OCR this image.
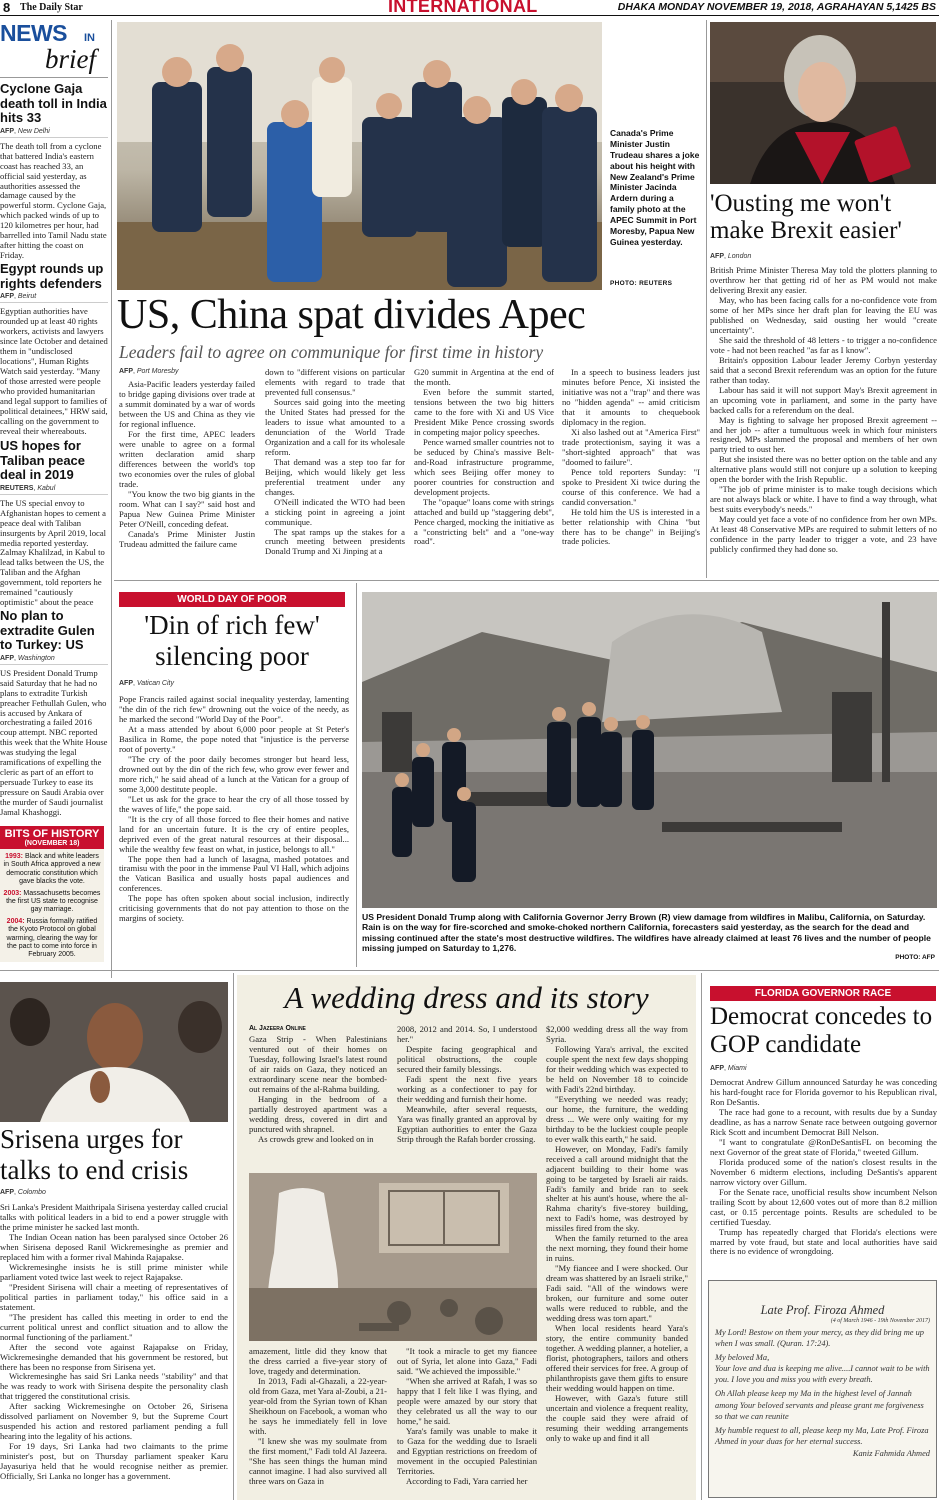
8 The Daily Star	INTERNATIONAL	DHAKA MONDAY NOVEMBER 19, 2018, AGRAHAYAN 5,1425 BS
NEWS IN
brief
Cyclone Gaja death toll in India hits 33
AFP, New Delhi
The death toll from a cyclone that battered India's eastern coast has reached 33, an official said yesterday, as authorities assessed the damage caused by the powerful storm. Cyclone Gaja, which packed winds of up to 120 kilometres per hour, had barrelled into Tamil Nadu state after hitting the coast on Friday.
Egypt rounds up rights defenders
AFP, Beirut
Egyptian authorities have rounded up at least 40 rights workers, activists and lawyers since late October and detained them in "undisclosed locations", Human Rights Watch said yesterday. "Many of those arrested were people who provided humanitarian and legal support to families of political detainees," HRW said, calling on the government to reveal their whereabouts.
US hopes for Taliban peace deal in 2019
REUTERS, Kabul
The US special envoy to Afghanistan hopes to cement a peace deal with Taliban insurgents by April 2019, local media reported yesterday. Zalmay Khalilzad, in Kabul to lead talks between the US, the Taliban and the Afghan government, told reporters he remained "cautiously optimistic" about the peace
No plan to extradite Gulen to Turkey: US
AFP, Washington
US President Donald Trump said Saturday that he had no plans to extradite Turkish preacher Fethullah Gulen, who is accused by Ankara of orchestrating a failed 2016 coup attempt. NBC reported this week that the White House was studying the legal ramifications of expelling the cleric as part of an effort to persuade Turkey to ease its pressure on Saudi Arabia over the murder of Saudi journalist Jamal Khashoggi.
BITS OF HISTORY
(NOVEMBER 18)
1993: Black and white leaders in South Africa approved a new democratic constitution which gave blacks the vote.
2003: Massachusetts becomes the first US state to recognise gay marriage.
2004: Russia formally ratified the Kyoto Protocol on global warming, clearing the way for the pact to come into force in February 2005.
Canada's Prime Minister Justin Trudeau shares a joke about his height with New Zealand's Prime Minister Jacinda Ardern during a family photo at the APEC Summit in Port Moresby, Papua New Guinea yesterday.
PHOTO: REUTERS
US, China spat divides Apec
Leaders fail to agree on communique for first time in history
AFP, Port Moresby

Asia-Pacific leaders yesterday failed to bridge gaping divisions over trade at a summit dominated by a war of words between the US and China as they vie for regional influence.

For the first time, APEC leaders were unable to agree on a formal written declaration amid sharp differences between the world's top two economies over the rules of global trade.

"You know the two big giants in the room. What can I say?" said host and Papua New Guinea Prime Minister Peter O'Neill, conceding defeat.

Canada's Prime Minister Justin Trudeau admitted the failure came

down to "different visions on particular elements with regard to trade that prevented full consensus."

Sources said going into the meeting the United States had pressed for the leaders to issue what amounted to a denunciation of the World Trade Organization and a call for its wholesale reform.

That demand was a step too far for Beijing, which would likely get less preferential treatment under any changes.

O'Neill indicated the WTO had been a sticking point in agreeing a joint communique.

The spat ramps up the stakes for a crunch meeting between presidents Donald Trump and Xi Jinping at a

G20 summit in Argentina at the end of the month.

Even before the summit started, tensions between the two big hitters came to the fore with Xi and US Vice President Mike Pence crossing swords in competing major policy speeches.

Pence warned smaller countries not to be seduced by China's massive Belt-and-Road infrastructure programme, which sees Beijing offer money to poorer countries for construction and development projects.

The "opaque" loans come with strings attached and build up "staggering debt", Pence charged, mocking the initiative as a "constricting belt" and a "one-way road".

In a speech to business leaders just minutes before Pence, Xi insisted the initiative was not a "trap" and there was no "hidden agenda" -- amid criticism that it amounts to chequebook diplomacy in the region.

Xi also lashed out at "America First" trade protectionism, saying it was a "short-sighted approach" that was "doomed to failure".

Pence told reporters Sunday: "I spoke to President Xi twice during the course of this conference. We had a candid conversation."

He told him the US is interested in a better relationship with China "but there has to be change" in Beijing's trade policies.

'Ousting me won't make Brexit easier'
AFP, London

British Prime Minister Theresa May told the plotters planning to overthrow her that getting rid of her as PM would not make delivering Brexit any easier.

May, who has been facing calls for a no-confidence vote from some of her MPs since her draft plan for leaving the EU was published on Wednesday, said ousting her would "create uncertainty".

She said the threshold of 48 letters - to trigger a no-confidence vote - had not been reached "as far as I know".

Britain's opposition Labour leader Jeremy Corbyn yesterday said that a second Brexit referendum was an option for the future rather than today.

Labour has said it will not support May's Brexit agreement in an upcoming vote in parliament, and some in the party have backed calls for a referendum on the deal.

May is fighting to salvage her proposed Brexit agreement -- and her job -- after a tumultuous week in which four ministers resigned, MPs slammed the proposal and members of her own party tried to oust her.

But she insisted there was no better option on the table and any alternative plans would still not conjure up a solution to keeping open the border with the Irish Republic.

"The job of prime minister is to make tough decisions which are not always black or white. I have to find a way through, what best suits everybody's needs."

May could yet face a vote of no confidence from her own MPs. At least 48 Conservative MPs are required to submit letters of no confidence in the party leader to trigger a vote, and 23 have publicly confirmed they had done so.

WORLD DAY OF POOR
'Din of rich few' silencing poor
AFP, Vatican City

Pope Francis railed against social inequality yesterday, lamenting "the din of the rich few" drowning out the voice of the needy, as he marked the second "World Day of the Poor".

At a mass attended by about 6,000 poor people at St Peter's Basilica in Rome, the pope noted that "injustice is the perverse root of poverty."

"The cry of the poor daily becomes stronger but heard less, drowned out by the din of the rich few, who grow ever fewer and more rich," he said ahead of a lunch at the Vatican for a group of some 3,000 destitute people.

"Let us ask for the grace to hear the cry of all those tossed by the waves of life," the pope said.

"It is the cry of all those forced to flee their homes and native land for an uncertain future. It is the cry of entire peoples, deprived even of the great natural resources at their disposal... while the wealthy few feast on what, in justice, belongs to all."

The pope then had a lunch of lasagna, mashed potatoes and tiramisu with the poor in the immense Paul VI Hall, which adjoins the Vatican Basilica and usually hosts papal audiences and conferences.

The pope has often spoken about social inclusion, indirectly criticising governments that do not pay attention to those on the margins of society.	US President Donald Trump along with California Governor Jerry Brown (R) view damage from wildfires in Malibu, California, on Saturday. Rain is on the way for fire-scorched and smoke-choked northern California, forecasters said yesterday, as the search for the dead and missing continued after the state's most destructive wildfires. The wildfires have already claimed at least 76 lives and the number of people missing jumped on Saturday to 1,276.
PHOTO: AFP
Srisena urges for talks to end crisis
AFP, Colombo

Sri Lanka's President Maithripala Sirisena yesterday called crucial talks with political leaders in a bid to end a power struggle with the prime minister he sacked last month.

The Indian Ocean nation has been paralysed since October 26 when Sirisena deposed Ranil Wickremesinghe as premier and replaced him with a former rival Mahinda Rajapakse.

Wickremesinghe insists he is still prime minister while parliament voted twice last week to reject Rajapakse.

"President Sirisena will chair a meeting of representatives of political parties in parliament today," his office said in a statement.

"The president has called this meeting in order to end the current political unrest and conflict situation and to allow the normal functioning of the parliament."

After the second vote against Rajapakse on Friday, Wickremesinghe demanded that his government be restored, but there has been no response from Sirisena yet.

Wickremesinghe has said Sri Lanka needs "stability" and that he was ready to work with Sirisena despite the personality clash that triggered the constitutional crisis.

After sacking Wickremesinghe on October 26, Sirisena dissolved parliament on November 9, but the Supreme Court suspended his action and restored parliament pending a full hearing into the legality of his actions.

For 19 days, Sri Lanka had two claimants to the prime minister's post, but on Thursday parliament speaker Karu Jayasuriya held that he would recognise neither as premier. Officially, Sri Lanka no longer has a government.

A wedding dress and its story
Al Jazeera Online

Gaza Strip - When Palestinians ventured out of their homes on Tuesday, following Israel's latest round of air raids on Gaza, they noticed an extraordinary scene near the bombed-out remains of the al-Rahma building.

Hanging in the bedroom of a partially destroyed apartment was a wedding dress, covered in dirt and punctured with shrapnel.

As crowds grew and looked on in

2008, 2012 and 2014. So, I understood her."

Despite facing geographical and political obstructions, the couple secured their family blessings.

Fadi spent the next five years working as a confectioner to pay for their wedding and furnish their home.

Meanwhile, after several requests, Yara was finally granted an approval by Egyptian authorities to enter the Gaza Strip through the Rafah border crossing.

amazement, little did they know that the dress carried a five-year story of love, tragedy and determination.

In 2013, Fadi al-Ghazali, a 22-year-old from Gaza, met Yara al-Zoubi, a 21-year-old from the Syrian town of Khan Sheikhoun on Facebook, a woman who he says he immediately fell in love with.

"I knew she was my soulmate from the first moment," Fadi told Al Jazeera. "She has seen things the human mind cannot imagine. I had also survived all three wars on Gaza in

"It took a miracle to get my fiancee out of Syria, let alone into Gaza," Fadi said. "We achieved the impossible."

"When she arrived at Rafah, I was so happy that I felt like I was flying, and people were amazed by our story that they celebrated us all the way to our home," he said.

Yara's family was unable to make it to Gaza for the wedding due to Israeli and Egyptian restrictions on freedom of movement in the occupied Palestinian Territories.

According to Fadi, Yara carried her

$2,000 wedding dress all the way from Syria.

Following Yara's arrival, the excited couple spent the next few days shopping for their wedding which was expected to be held on November 18 to coincide with Fadi's 22nd birthday.

"Everything we needed was ready; our home, the furniture, the wedding dress ... We were only waiting for my birthday to be the luckiest couple people to ever walk this earth," he said.

However, on Monday, Fadi's family received a call around midnight that the adjacent building to their home was going to be targeted by Israeli air raids. Fadi's family and bride ran to seek shelter at his aunt's house, where the al-Rahma charity's five-storey building, next to Fadi's home, was destroyed by missiles fired from the sky.

When the family returned to the area the next morning, they found their home in ruins.

"My fiancee and I were shocked. Our dream was shattered by an Israeli strike," Fadi said. "All of the windows were broken, our furniture and some outer walls were reduced to rubble, and the wedding dress was torn apart."

When local residents heard Yara's story, the entire community banded together. A wedding planner, a hotelier, a florist, photographers, tailors and others offered their services for free. A group of philanthropists gave them gifts to ensure their wedding would happen on time.

However, with Gaza's future still uncertain and violence a frequent reality, the couple said they were afraid of resuming their wedding arrangements only to wake up and find it all

FLORIDA GOVERNOR RACE
Democrat concedes to GOP candidate
AFP, Miami

Democrat Andrew Gillum announced Saturday he was conceding his hard-fought race for Florida governor to his Republican rival, Ron DeSantis.

The race had gone to a recount, with results due by a Sunday deadline, as has a narrow Senate race between outgoing governor Rick Scott and incumbent Democrat Bill Nelson.

"I want to congratulate @RonDeSantisFL on becoming the next Governor of the great state of Florida," tweeted Gillum.

Florida produced some of the nation's closest results in the November 6 midterm elections, including DeSantis's apparent narrow victory over Gillum.

For the Senate race, unofficial results show incumbent Nelson trailing Scott by about 12,600 votes out of more than 8.2 million cast, or 0.15 percentage points. Results are scheduled to be certified Tuesday.

Trump has repeatedly charged that Florida's elections were marred by vote fraud, but state and local authorities have said there is no evidence of wrongdoing.

Late Prof. Firoza Ahmed
(4 of March 1946 - 19th November 2017)
My Lord! Bestow on them your mercy, as they did bring me up when I was small. (Quran. 17:24).
My beloved Ma,
Your love and dua is keeping me alive....I cannot wait to be with you. I love you and miss you with every breath.
Oh Allah please keep my Ma in the highest level of Jannah among Your beloved servants and please grant me forgiveness so that we can reunite
My humble request to all, please keep my Ma, Late Prof. Firoza Ahmed in your duas for her eternal success.
Kaniz Fahmida Ahmed
